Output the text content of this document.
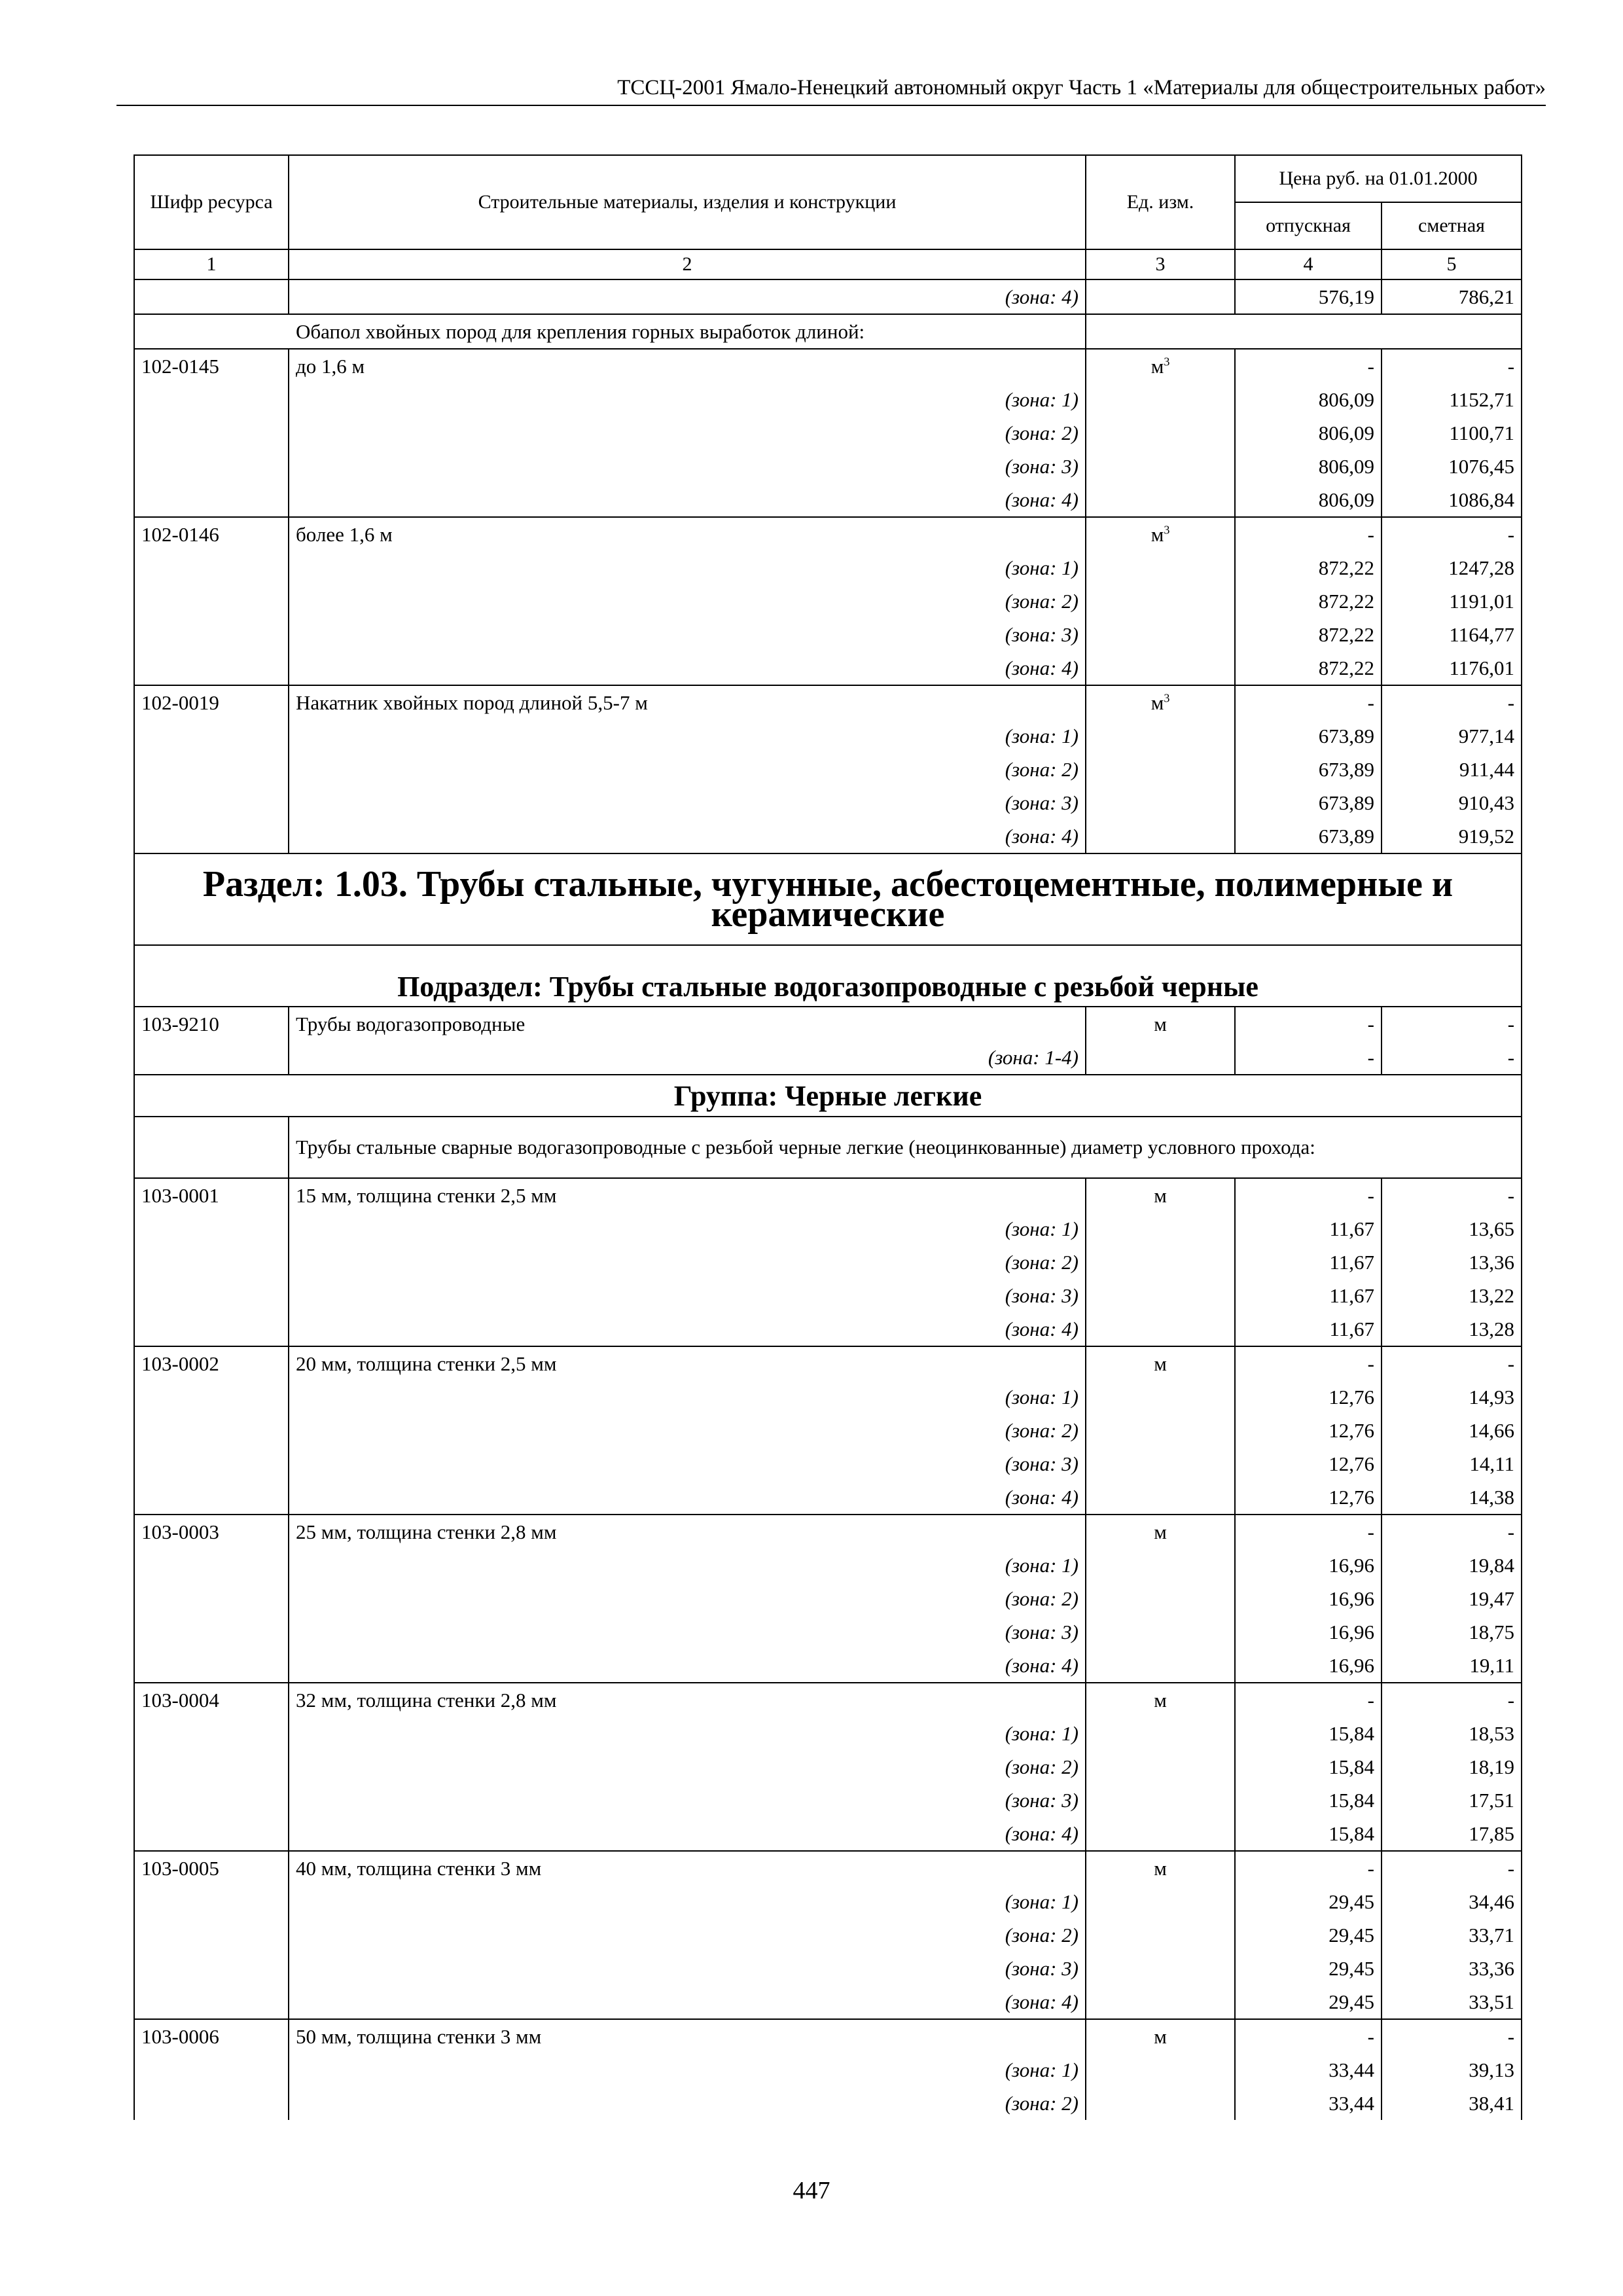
ТССЦ-2001 Ямало-Ненецкий автономный округ Часть 1 «Материалы для общестроительных работ»
Шифр ресурса	Строительные материалы, изделия и конструкции	Ед. изм.	Цена руб. на 01.01.2000	
			отпускная	сметная
1	2	3	4	5
	(зона: 4)		576,19	786,21
Обапол хвойных пород для крепления горных выработок длиной:				
102-0145	до 1,6 м	$м^3$	-	-
	(зона: 1)		806,09	1152,71
	(зона: 2)		806,09	1100,71
	(зона: 3)		806,09	1076,45
	(зона: 4)		806,09	1086,84
102-0146	более 1,6 м	$м^3$	-	-
	(зона: 1)		872,22	1247,28
	(зона: 2)		872,22	1191,01
	(зона: 3)		872,22	1164,77
	(зона: 4)		872,22	1176,01
102-0019	Накатник хвойных пород длиной 5,5-7 м	$м^3$	-	-
	(зона: 1)		673,89	977,14
	(зона: 2)		673,89	911,44
	(зона: 3)		673,89	910,43
	(зона: 4)		673,89	919,52
Раздел: 1.03. Трубы стальные, чугунные, асбестоцементные, полимерные и керамические				
Подраздел: Трубы стальные водогазопроводные с резьбой черные				
103-9210	Трубы водогазопроводные	м	-	-
	(зона: 1-4)		-	-
Группа: Черные легкие				
	Трубы стальные сварные водогазопроводные с резьбой черные легкие (неоцинкованные) диаметр условного прохода:			
103-0001	15 мм, толщина стенки 2,5 мм	м	-	-
	(зона: 1)		11,67	13,65
	(зона: 2)		11,67	13,36
	(зона: 3)		11,67	13,22
	(зона: 4)		11,67	13,28
103-0002	20 мм, толщина стенки 2,5 мм	м	-	-
	(зона: 1)		12,76	14,93
	(зона: 2)		12,76	14,66
	(зона: 3)		12,76	14,11
	(зона: 4)		12,76	14,38
103-0003	25 мм, толщина стенки 2,8 мм	м	-	-
	(зона: 1)		16,96	19,84
	(зона: 2)		16,96	19,47
	(зона: 3)		16,96	18,75
	(зона: 4)		16,96	19,11
103-0004	32 мм, толщина стенки 2,8 мм	м	-	-
	(зона: 1)		15,84	18,53
	(зона: 2)		15,84	18,19
	(зона: 3)		15,84	17,51
	(зона: 4)		15,84	17,85
103-0005	40 мм, толщина стенки 3 мм	м	-	-
	(зона: 1)		29,45	34,46
	(зона: 2)		29,45	33,71
	(зона: 3)		29,45	33,36
	(зона: 4)		29,45	33,51
103-0006	50 мм, толщина стенки 3 мм	м	-	-
	(зона: 1)		33,44	39,13
	(зона: 2)		33,44	38,41
447
